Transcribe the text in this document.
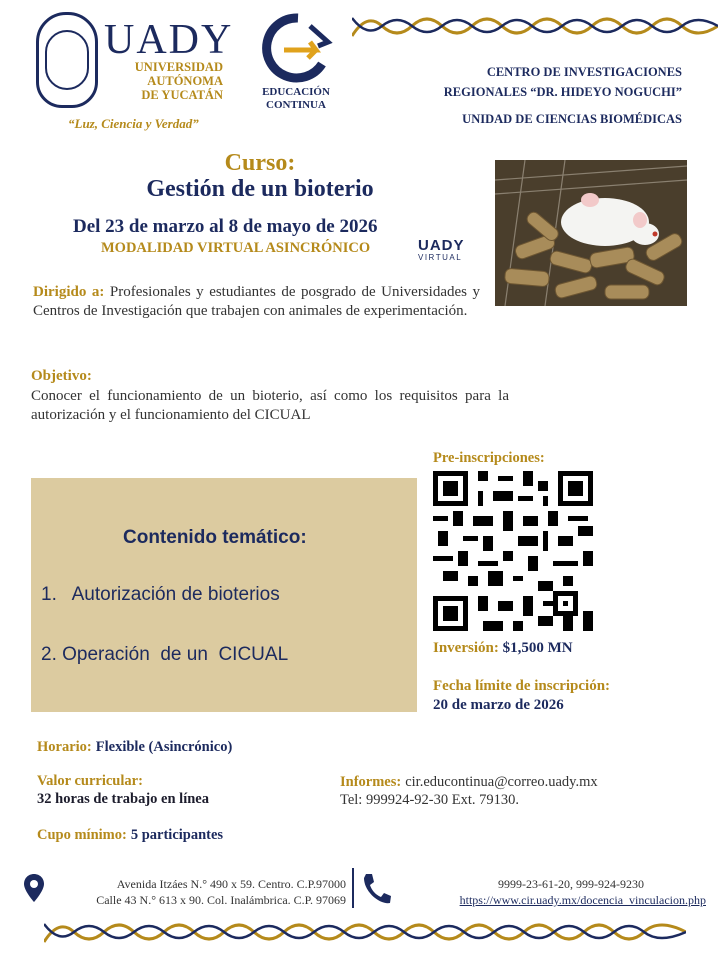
UADY
UNIVERSIDAD
AUTÓNOMA
DE YUCATÁN
“Luz, Ciencia y Verdad”
EDUCACIÓN
CONTINUA
CENTRO DE INVESTIGACIONES
REGIONALES “DR. HIDEYO NOGUCHI”
UNIDAD DE CIENCIAS BIOMÉDICAS
Curso:
Gestión de un bioterio
Del 23 de marzo al 8 de mayo de 2026
MODALIDAD VIRTUAL ASINCRÓNICO	UADY
VIRTUAL
Dirigido a: Profesionales y estudiantes de posgrado de Universidades y Centros de Investigación que trabajen con animales de experimentación.
Objetivo:
Conocer el funcionamiento de un bioterio, así como los requisitos para la autorización y el funcionamiento del CICUAL
Contenido temático:
1.   Autorización de bioterios
2. Operación  de un  CICUAL
Pre-inscripciones:
Inversión: $1,500 MN
Fecha límite de inscripción:
20 de marzo de 2026
Horario: Flexible (Asincrónico)
Valor curricular:
32 horas de trabajo en línea
Cupo mínimo: 5 participantes
Informes: cir.educontinua@correo.uady.mx
Tel: 999924-92-30 Ext. 79130.
Avenida Itzáes N.° 490 x 59. Centro. C.P.97000
Calle 43 N.° 613 x 90. Col. Inalámbrica. C.P. 97069
9999-23-61-20, 999-924-9230
https://www.cir.uady.mx/docencia_vinculacion.php
